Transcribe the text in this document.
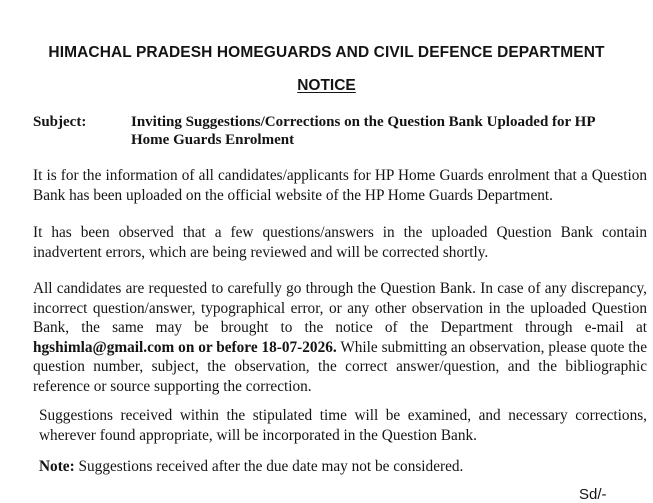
HIMACHAL PRADESH HOMEGUARDS AND CIVIL DEFENCE DEPARTMENT
NOTICE
Subject:	Inviting Suggestions/Corrections on the Question Bank Uploaded for HP Home Guards Enrolment

It is for the information of all candidates/applicants for HP Home Guards enrolment that a Question Bank has been uploaded on the official website of the HP Home Guards Department.

It has been observed that a few questions/answers in the uploaded Question Bank contain inadvertent errors, which are being reviewed and will be corrected shortly.

All candidates are requested to carefully go through the Question Bank. In case of any discrepancy, incorrect question/answer, typographical error, or any other observation in the uploaded Question Bank, the same may be brought to the notice of the Department through e-mail at hgshimla@gmail.com on or before 18-07-2026. While submitting an observation, please quote the question number, subject, the observation, the correct answer/question, and the bibliographic reference or source supporting the correction.

Suggestions received within the stipulated time will be examined, and necessary corrections, wherever found appropriate, will be incorporated in the Question Bank.

Note: Suggestions received after the due date may not be considered.

Sd/-
